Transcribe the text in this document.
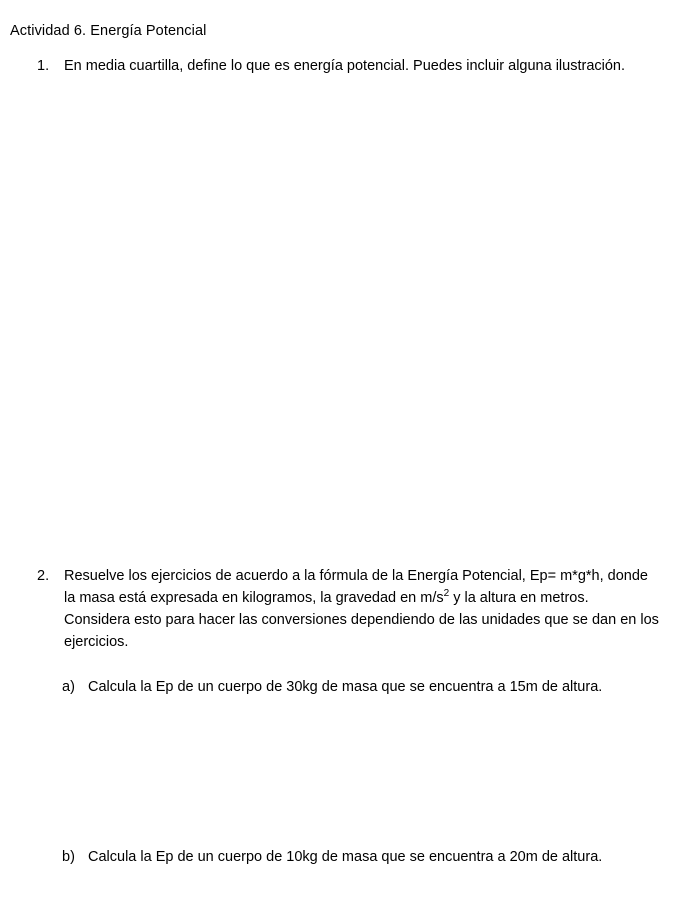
Actividad 6. Energía Potencial
1. En media cuartilla, define lo que es energía potencial. Puedes incluir alguna ilustración.
2. Resuelve los ejercicios de acuerdo a la fórmula de la Energía Potencial, Ep= m*g*h, donde
la masa está expresada en kilogramos, la gravedad en $m/s^2$ y la altura en metros.
Considera esto para hacer las conversiones dependiendo de las unidades que se dan en los
ejercicios.
a) Calcula la Ep de un cuerpo de 30kg de masa que se encuentra a 15m de altura.
b) Calcula la Ep de un cuerpo de 10kg de masa que se encuentra a 20m de altura.
